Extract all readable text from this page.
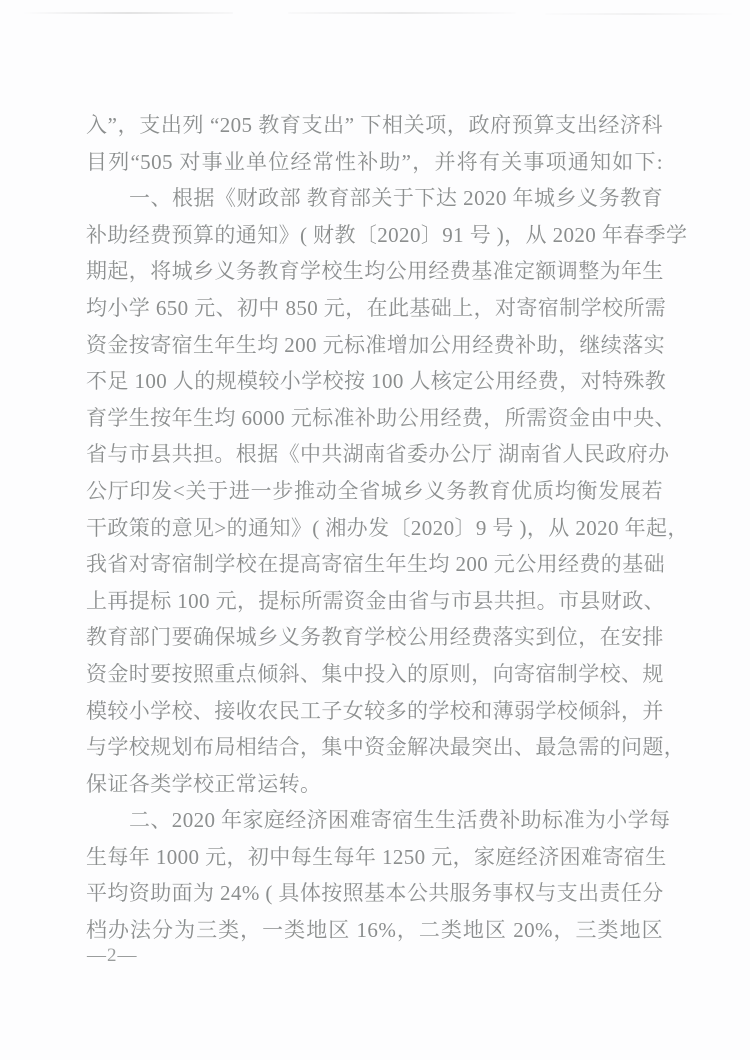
入”，支出列 “205 教育支出” 下相关项，政府预算支出经济科

目列“505 对事业单位经常性补助”，并将有关事项通知如下:

一、根据《财政部 教育部关于下达 2020 年城乡义务教育

补助经费预算的通知》( 财教〔2020〕91 号 )，从 2020 年春季学

期起，将城乡义务教育学校生均公用经费基准定额调整为年生

均小学 650 元、初中 850 元，在此基础上，对寄宿制学校所需

资金按寄宿生年生均 200 元标准增加公用经费补助，继续落实

不足 100 人的规模较小学校按 100 人核定公用经费，对特殊教

育学生按年生均 6000 元标准补助公用经费，所需资金由中央、

省与市县共担。根据《中共湖南省委办公厅 湖南省人民政府办

公厅印发<关于进一步推动全省城乡义务教育优质均衡发展若

干政策的意见>的通知》( 湘办发〔2020〕9 号 )，从 2020 年起，

我省对寄宿制学校在提高寄宿生年生均 200 元公用经费的基础

上再提标 100 元，提标所需资金由省与市县共担。市县财政、

教育部门要确保城乡义务教育学校公用经费落实到位，在安排

资金时要按照重点倾斜、集中投入的原则，向寄宿制学校、规

模较小学校、接收农民工子女较多的学校和薄弱学校倾斜，并

与学校规划布局相结合，集中资金解决最突出、最急需的问题，

保证各类学校正常运转。

二、2020 年家庭经济困难寄宿生生活费补助标准为小学每

生每年 1000 元，初中每生每年 1250 元，家庭经济困难寄宿生

平均资助面为 24% ( 具体按照基本公共服务事权与支出责任分

档办法分为三类，一类地区 16%，二类地区 20%，三类地区

—2—
